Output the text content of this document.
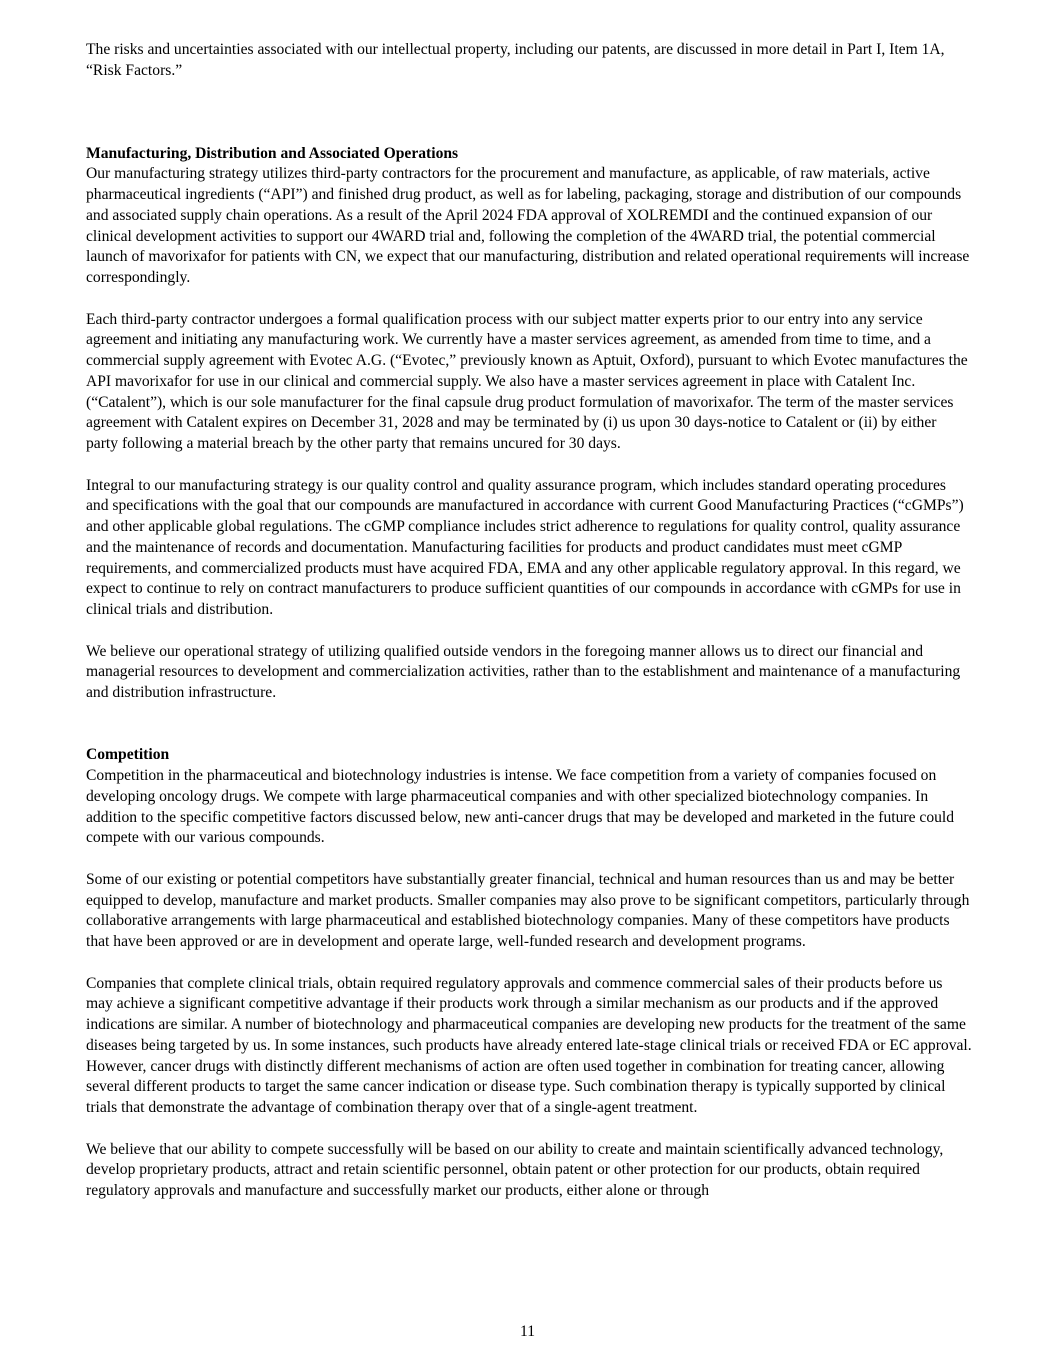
The risks and uncertainties associated with our intellectual property, including our patents, are discussed in more detail in Part I, Item 1A, “Risk Factors.”

Manufacturing, Distribution and Associated Operations

Our manufacturing strategy utilizes third-party contractors for the procurement and manufacture, as applicable, of raw materials, active pharmaceutical ingredients (“API”) and finished drug product, as well as for labeling, packaging, storage and distribution of our compounds and associated supply chain operations. As a result of the April 2024 FDA approval of XOLREMDI and the continued expansion of our clinical development activities to support our 4WARD trial and, following the completion of the 4WARD trial, the potential commercial launch of mavorixafor for patients with CN, we expect that our manufacturing, distribution and related operational requirements will increase correspondingly.

Each third-party contractor undergoes a formal qualification process with our subject matter experts prior to our entry into any service agreement and initiating any manufacturing work. We currently have a master services agreement, as amended from time to time, and a commercial supply agreement with Evotec A.G. (“Evotec,” previously known as Aptuit, Oxford), pursuant to which Evotec manufactures the API mavorixafor for use in our clinical and commercial supply. We also have a master services agreement in place with Catalent Inc. (“Catalent”), which is our sole manufacturer for the final capsule drug product formulation of mavorixafor. The term of the master services agreement with Catalent expires on December 31, 2028 and may be terminated by (i) us upon 30 days-notice to Catalent or (ii) by either party following a material breach by the other party that remains uncured for 30 days.

Integral to our manufacturing strategy is our quality control and quality assurance program, which includes standard operating procedures and specifications with the goal that our compounds are manufactured in accordance with current Good Manufacturing Practices (“cGMPs”) and other applicable global regulations. The cGMP compliance includes strict adherence to regulations for quality control, quality assurance and the maintenance of records and documentation. Manufacturing facilities for products and product candidates must meet cGMP requirements, and commercialized products must have acquired FDA, EMA and any other applicable regulatory approval. In this regard, we expect to continue to rely on contract manufacturers to produce sufficient quantities of our compounds in accordance with cGMPs for use in clinical trials and distribution.

We believe our operational strategy of utilizing qualified outside vendors in the foregoing manner allows us to direct our financial and managerial resources to development and commercialization activities, rather than to the establishment and maintenance of a manufacturing and distribution infrastructure.

Competition

Competition in the pharmaceutical and biotechnology industries is intense. We face competition from a variety of companies focused on developing oncology drugs. We compete with large pharmaceutical companies and with other specialized biotechnology companies. In addition to the specific competitive factors discussed below, new anti-cancer drugs that may be developed and marketed in the future could compete with our various compounds.

Some of our existing or potential competitors have substantially greater financial, technical and human resources than us and may be better equipped to develop, manufacture and market products. Smaller companies may also prove to be significant competitors, particularly through collaborative arrangements with large pharmaceutical and established biotechnology companies. Many of these competitors have products that have been approved or are in development and operate large, well-funded research and development programs.

Companies that complete clinical trials, obtain required regulatory approvals and commence commercial sales of their products before us may achieve a significant competitive advantage if their products work through a similar mechanism as our products and if the approved indications are similar. A number of biotechnology and pharmaceutical companies are developing new products for the treatment of the same diseases being targeted by us. In some instances, such products have already entered late-stage clinical trials or received FDA or EC approval. However, cancer drugs with distinctly different mechanisms of action are often used together in combination for treating cancer, allowing several different products to target the same cancer indication or disease type. Such combination therapy is typically supported by clinical trials that demonstrate the advantage of combination therapy over that of a single-agent treatment.

We believe that our ability to compete successfully will be based on our ability to create and maintain scientifically advanced technology, develop proprietary products, attract and retain scientific personnel, obtain patent or other protection for our products, obtain required regulatory approvals and manufacture and successfully market our products, either alone or through

11
